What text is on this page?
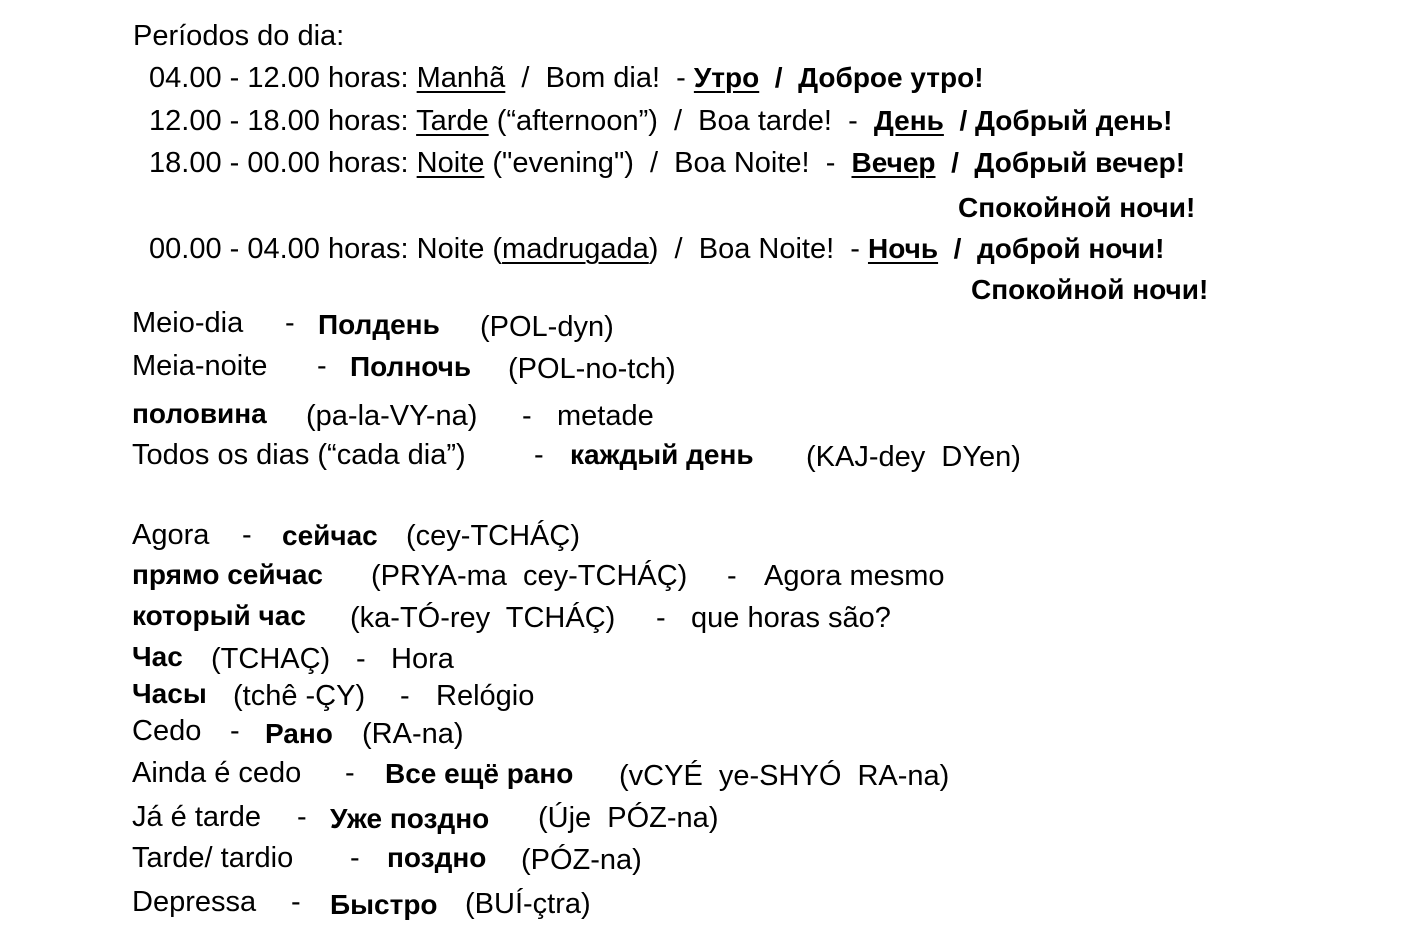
Períodos do dia:
04.00 - 12.00 horas: Manhã  /  Bom dia!  - Утро  /  Доброе утро!
12.00 - 18.00 horas: Tarde (“afternoon”)  /  Boa tarde!  -  День  / Добрый день!
18.00 - 00.00 horas: Noite ("evening")  /  Boa Noite!  -  Вечер  /  Добрый вечер!
Спокойной ночи!
00.00 - 04.00 horas: Noite (madrugada)  /  Boa Noite!  - Ночь  /  доброй ночи!
Спокойной ночи!
Meio-dia - Полдень (POL-dyn)
Meia-noite - Полночь (POL-no-tch)
половина (pa-la-VY-na) - metade
Todos os dias (“cada dia”) - каждый день (KAJ-dey  DYen)
Agora - сейчас (cey-TCHÁÇ)
прямо сейчас (PRYA-ma  cey-TCHÁÇ) - Agora mesmo
который час (ka-TÓ-rey  TCHÁÇ) - que horas são?
Час (TCHAÇ) - Hora
Часы (tchê -ÇY) - Relógio
Cedo - Рано (RA-na)
Ainda é cedo - Все ещё рано (vCYÉ  ye-SHYÓ  RA-na)
Já é tarde - Уже поздно (Úje  PÓZ-na)
Tarde/ tardio - поздно (PÓZ-na)
Depressa - Быстро (BUÍ-çtra)
